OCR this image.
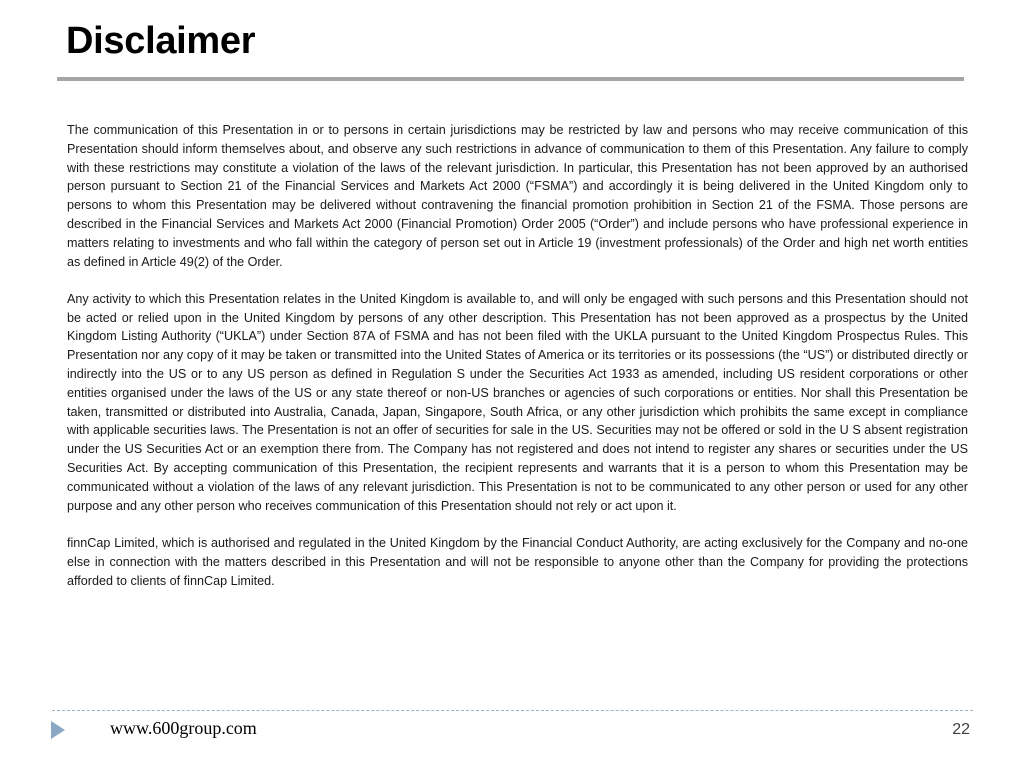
Disclaimer

The communication of this Presentation in or to persons in certain jurisdictions may be restricted by law and persons who may receive communication of this Presentation should inform themselves about, and observe any such restrictions in advance of communication to them of this Presentation. Any failure to comply with these restrictions may constitute a violation of the laws of the relevant jurisdiction. In particular, this Presentation has not been approved by an authorised person pursuant to Section 21 of the Financial Services and Markets Act 2000 (“FSMA”) and accordingly it is being delivered in the United Kingdom only to persons to whom this Presentation may be delivered without contravening the financial promotion prohibition in Section 21 of the FSMA. Those persons are described in the Financial Services and Markets Act 2000 (Financial Promotion) Order 2005 (“Order”) and include persons who have professional experience in matters relating to investments and who fall within the category of person set out in Article 19 (investment professionals) of the Order and high net worth entities as defined in Article 49(2) of the Order.

Any activity to which this Presentation relates in the United Kingdom is available to, and will only be engaged with such persons and this Presentation should not be acted or relied upon in the United Kingdom by persons of any other description. This Presentation has not been approved as a prospectus by the United Kingdom Listing Authority (“UKLA”) under Section 87A of FSMA and has not been filed with the UKLA pursuant to the United Kingdom Prospectus Rules. This Presentation nor any copy of it may be taken or transmitted into the United States of America or its territories or its possessions (the “US”) or distributed directly or indirectly into the US or to any US person as defined in Regulation S under the Securities Act 1933 as amended, including US resident corporations or other entities organised under the laws of the US or any state thereof or non-US branches or agencies of such corporations or entities. Nor shall this Presentation be taken, transmitted or distributed into Australia, Canada, Japan, Singapore, South Africa, or any other jurisdiction which prohibits the same except in compliance with applicable securities laws. The Presentation is not an offer of securities for sale in the US. Securities may not be offered or sold in the U S absent registration under the US Securities Act or an exemption there from. The Company has not registered and does not intend to register any shares or securities under the US Securities Act. By accepting communication of this Presentation, the recipient represents and warrants that it is a person to whom this Presentation may be communicated without a violation of the laws of any relevant jurisdiction. This Presentation is not to be communicated to any other person or used for any other purpose and any other person who receives communication of this Presentation should not rely or act upon it.

finnCap Limited, which is authorised and regulated in the United Kingdom by the Financial Conduct Authority, are acting exclusively for the Company and no-one else in connection with the matters described in this Presentation and will not be responsible to anyone other than the Company for providing the protections afforded to clients of finnCap Limited.

www.600group.com	22
